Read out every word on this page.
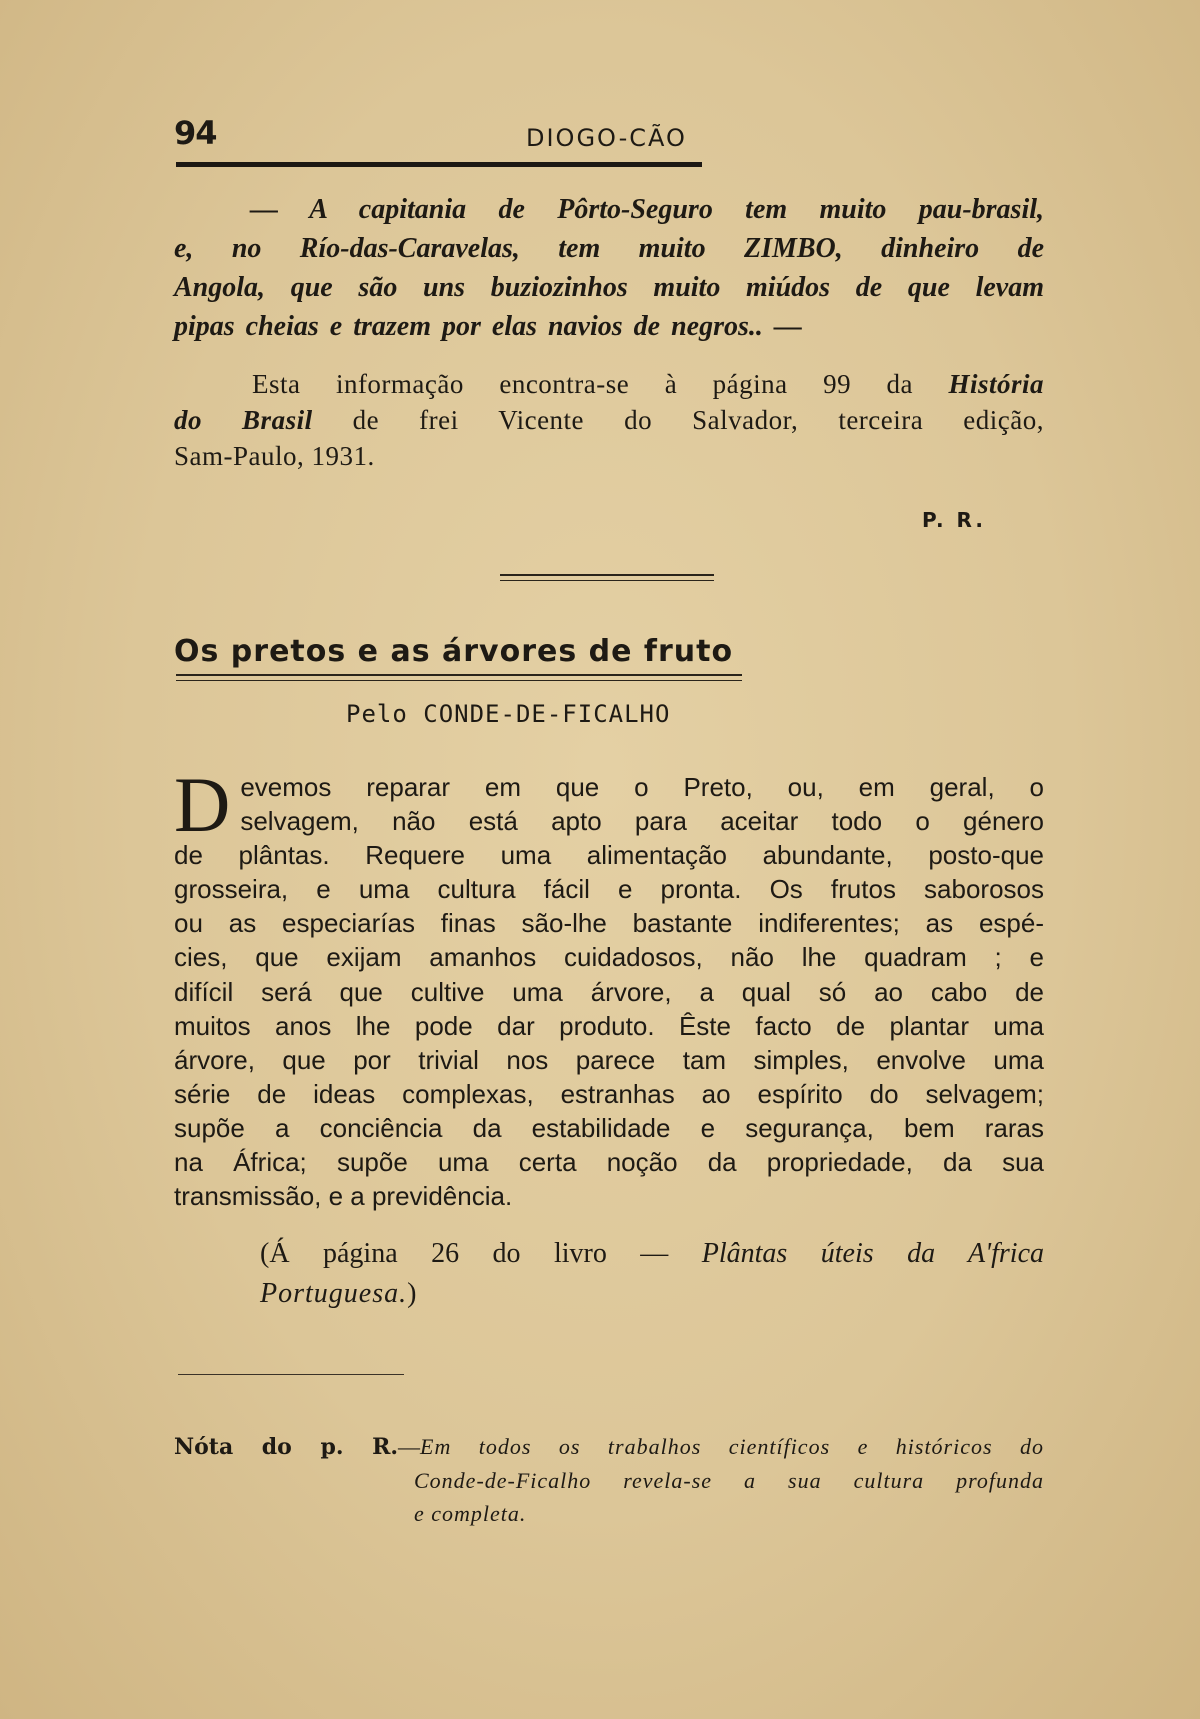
94	DIOGO-CÃO
— A capitania de Pôrto-Seguro tem muito pau-brasil,
e, no Río-das-Caravelas, tem muito ZIMBO, dinheiro de
Angola, que são uns buziozinhos muito miúdos de que levam
pipas cheias e trazem por elas navios de negros.. —
Esta informação encontra-se à página 99 da História
do Brasil de frei Vicente do Salvador, terceira edição,
Sam-Paulo, 1931.
P. R.
Os pretos e as árvores de fruto
Pelo CONDE-DE-FICALHO
D evemos reparar em que o Preto, ou, em geral, o
selvagem, não está apto para aceitar todo o género
de plântas. Requere uma alimentação abundante, posto-que
grosseira, e uma cultura fácil e pronta. Os frutos saborosos
ou as especiarías finas são-lhe bastante indiferentes; as espé-
cies, que exijam amanhos cuidadosos, não lhe quadram ; e
difícil será que cultive uma árvore, a qual só ao cabo de
muitos anos lhe pode dar produto. Êste facto de plantar uma
árvore, que por trivial nos parece tam simples, envolve uma
série de ideas complexas, estranhas ao espírito do selvagem;
supõe a conciência da estabilidade e segurança, bem raras
na África; supõe uma certa noção da propriedade, da sua
transmissão, e a previdência.
(Á página 26 do livro — Plântas úteis da A'frica
Portuguesa.)
Nóta do p. R.—Em todos os trabalhos científicos e históricos do
Conde-de-Ficalho revela-se a sua cultura profunda
e completa.
